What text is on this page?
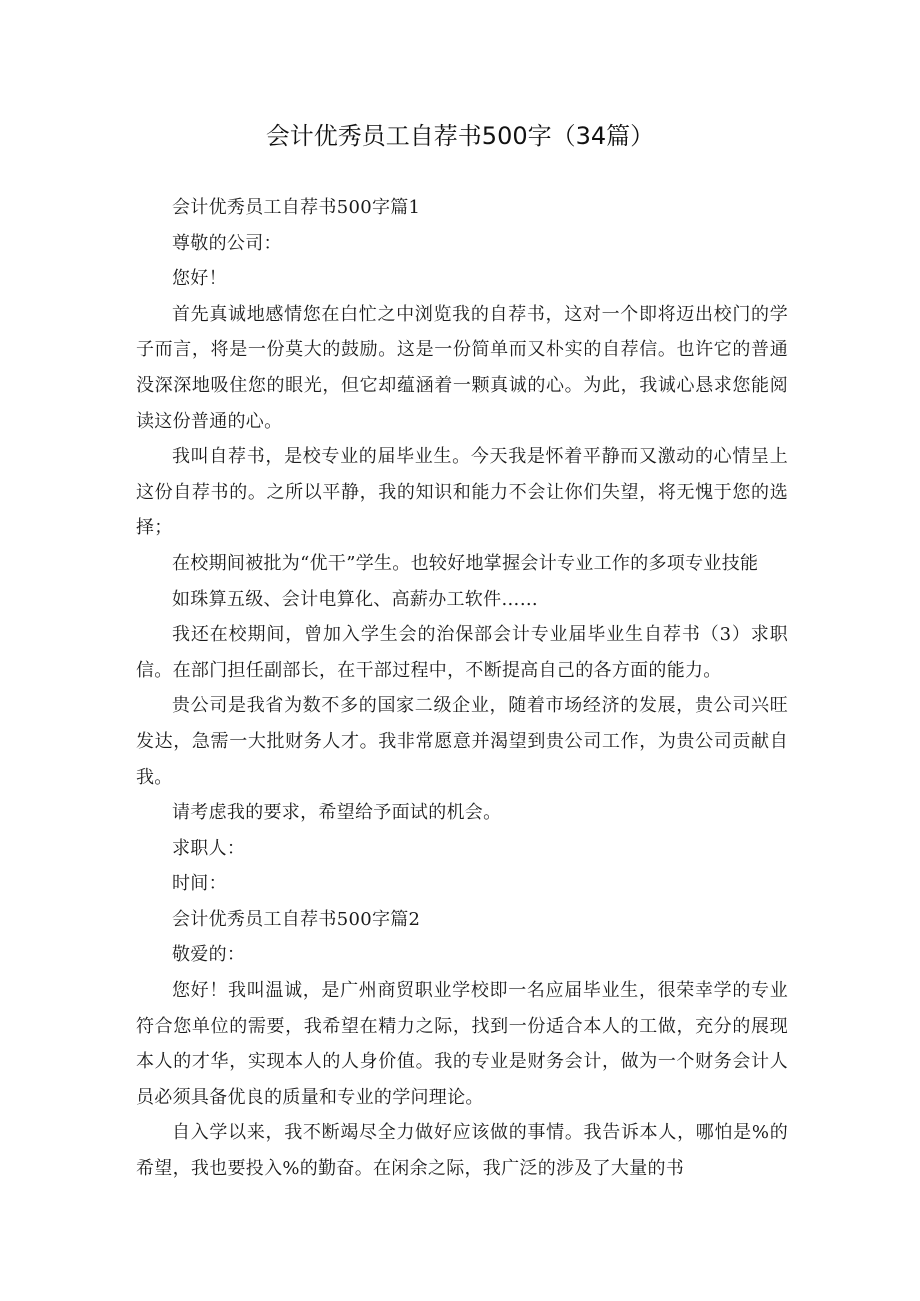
会计优秀员工自荐书500字（34篇）

会计优秀员工自荐书500字篇1

尊敬的公司：

您好！

首先真诚地感情您在白忙之中浏览我的自荐书，这对一个即将迈出校门的学子而言，将是一份莫大的鼓励。这是一份简单而又朴实的自荐信。也许它的普通没深深地吸住您的眼光，但它却蕴涵着一颗真诚的心。为此，我诚心恳求您能阅读这份普通的心。

我叫自荐书，是校专业的届毕业生。今天我是怀着平静而又激动的心情呈上这份自荐书的。之所以平静，我的知识和能力不会让你们失望，将无愧于您的选择；

在校期间被批为“优干”学生。也较好地掌握会计专业工作的多项专业技能

如珠算五级、会计电算化、高薪办工软件……

我还在校期间，曾加入学生会的治保部会计专业届毕业生自荐书（3）求职信。在部门担任副部长，在干部过程中，不断提高自己的各方面的能力。

贵公司是我省为数不多的国家二级企业，随着市场经济的发展，贵公司兴旺发达，急需一大批财务人才。我非常愿意并渴望到贵公司工作，为贵公司贡献自我。

请考虑我的要求，希望给予面试的机会。

求职人：

时间：

会计优秀员工自荐书500字篇2

敬爱的：

您好！我叫温诚，是广州商贸职业学校即一名应届毕业生，很荣幸学的专业符合您单位的需要，我希望在精力之际，找到一份适合本人的工做，充分的展现本人的才华，实现本人的人身价值。我的专业是财务会计，做为一个财务会计人员必须具备优良的质量和专业的学问理论。

自入学以来，我不断竭尽全力做好应该做的事情。我告诉本人，哪怕是%的希望，我也要投入%的勤奋。在闲余之际，我广泛的涉及了大量的书
